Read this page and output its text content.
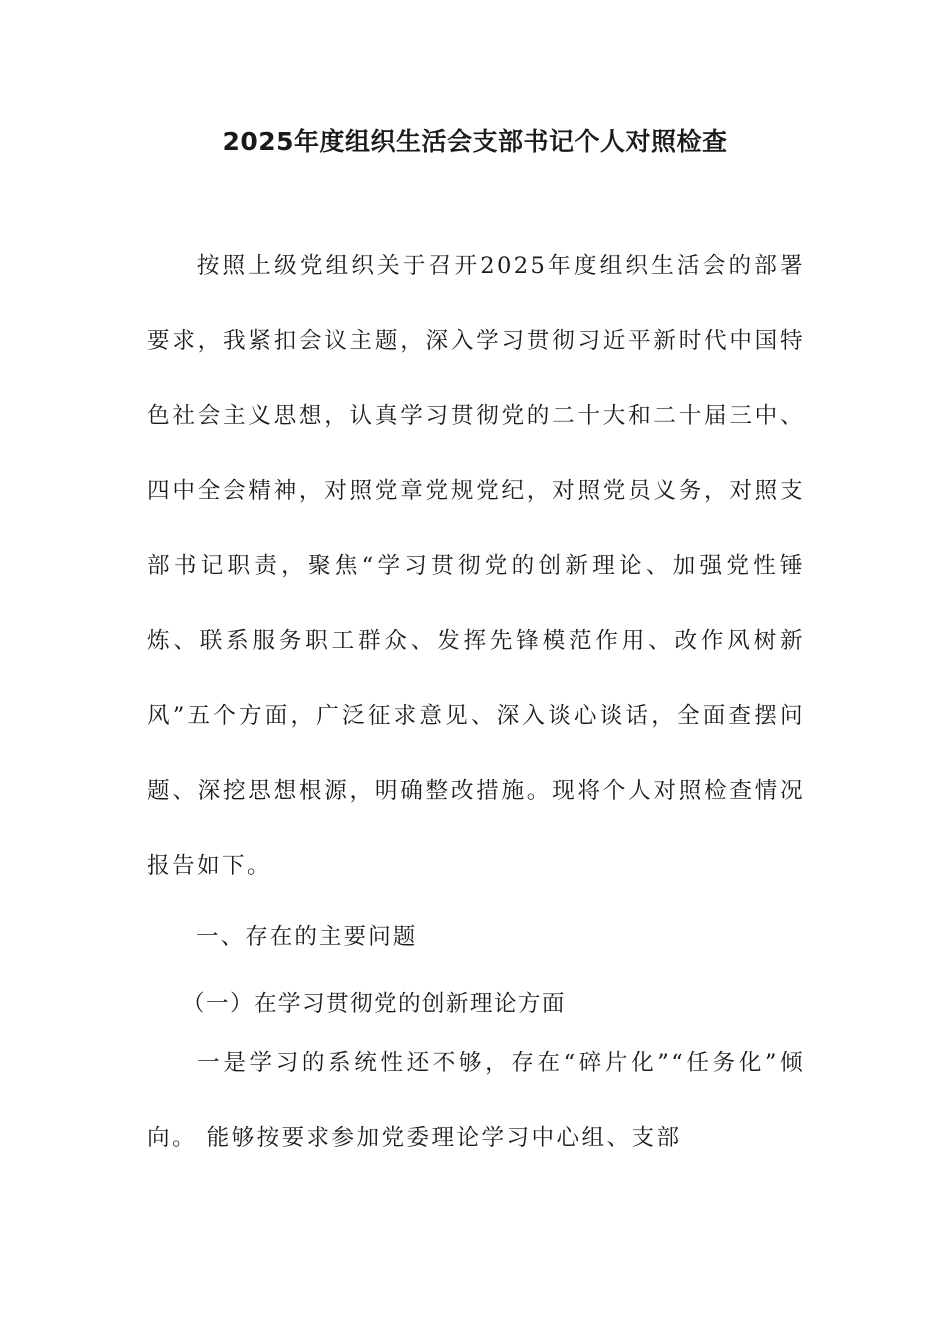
2025年度组织生活会支部书记个人对照检查

按照上级党组织关于召开2025年度组织生活会的部署要求，我紧扣会议主题，深入学习贯彻习近平新时代中国特色社会主义思想，认真学习贯彻党的二十大和二十届三中、四中全会精神，对照党章党规党纪，对照党员义务，对照支部书记职责，聚焦“学习贯彻党的创新理论、加强党性锤炼、联系服务职工群众、发挥先锋模范作用、改作风树新风”五个方面，广泛征求意见、深入谈心谈话，全面查摆问题、深挖思想根源，明确整改措施。现将个人对照检查情况报告如下。

一、存在的主要问题

（一）在学习贯彻党的创新理论方面

一是学习的系统性还不够，存在“碎片化”“任务化”倾向。 能够按要求参加党委理论学习中心组、支部
